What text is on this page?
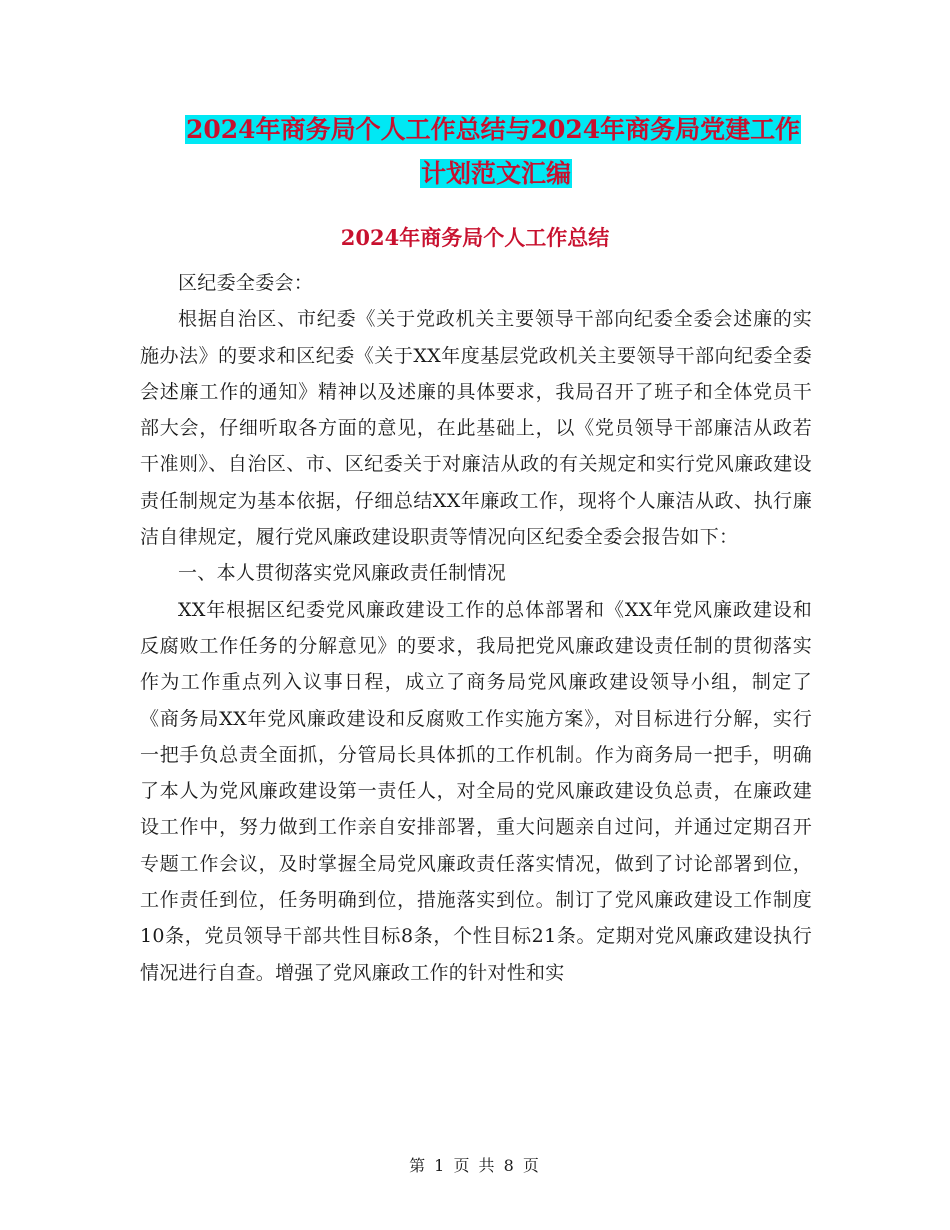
2024年商务局个人工作总结与2024年商务局党建工作
计划范文汇编
2024年商务局个人工作总结

区纪委全委会：

根据自治区、市纪委《关于党政机关主要领导干部向纪委全委会述廉的实施办法》的要求和区纪委《关于XX年度基层党政机关主要领导干部向纪委全委会述廉工作的通知》精神以及述廉的具体要求，我局召开了班子和全体党员干部大会，仔细听取各方面的意见，在此基础上，以《党员领导干部廉洁从政若干准则》、自治区、市、区纪委关于对廉洁从政的有关规定和实行党风廉政建设责任制规定为基本依据，仔细总结XX年廉政工作，现将个人廉洁从政、执行廉洁自律规定，履行党风廉政建设职责等情况向区纪委全委会报告如下：

一、本人贯彻落实党风廉政责任制情况

XX年根据区纪委党风廉政建设工作的总体部署和《XX年党风廉政建设和反腐败工作任务的分解意见》的要求，我局把党风廉政建设责任制的贯彻落实作为工作重点列入议事日程，成立了商务局党风廉政建设领导小组，制定了《商务局XX年党风廉政建设和反腐败工作实施方案》，对目标进行分解，实行一把手负总责全面抓，分管局长具体抓的工作机制。作为商务局一把手，明确了本人为党风廉政建设第一责任人，对全局的党风廉政建设负总责，在廉政建设工作中，努力做到工作亲自安排部署，重大问题亲自过问，并通过定期召开专题工作会议，及时掌握全局党风廉政责任落实情况，做到了讨论部署到位，工作责任到位，任务明确到位，措施落实到位。制订了党风廉政建设工作制度10条，党员领导干部共性目标8条，个性目标21条。定期对党风廉政建设执行情况进行自查。增强了党风廉政工作的针对性和实

第 1 页 共 8 页
